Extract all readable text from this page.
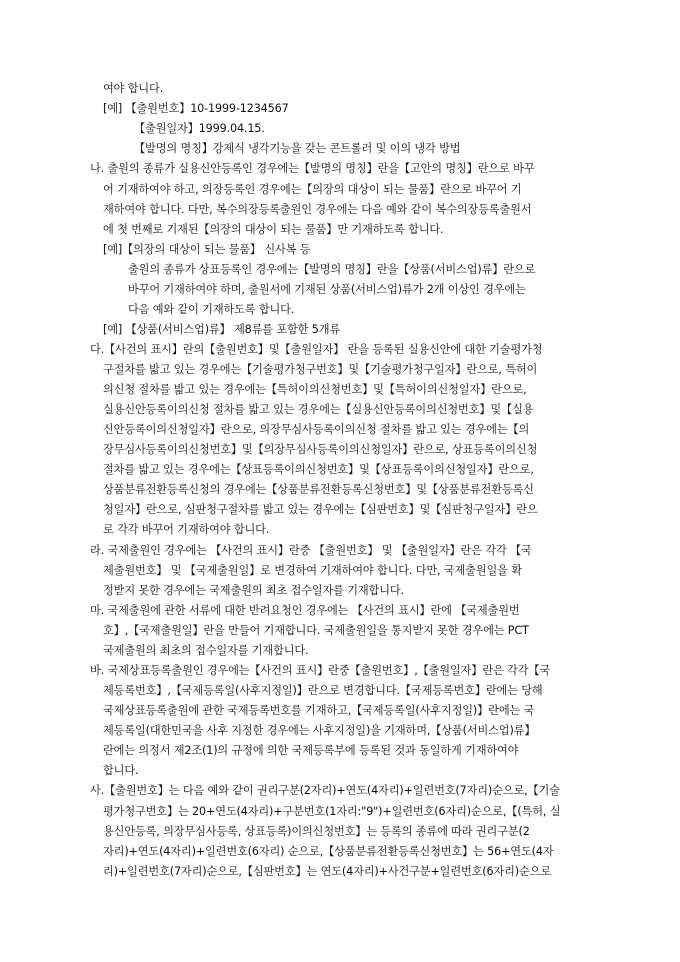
여야 합니다.
[예] 【출원번호】10-1999-1234567
【출원일자】1999.04.15.
【발명의 명칭】강제식 냉각기능을 갖는 콘트롤러 및 이의 냉각 방법
나. 출원의 종류가 실용신안등록인 경우에는【발명의 명칭】란을【고안의 명칭】란으로 바꾸
어 기재하여야 하고, 의장등록인 경우에는【의장의 대상이 되는 물품】란으로 바꾸어 기
재하여야 합니다. 다만, 복수의장등록출원인 경우에는 다음 예와 같이 복수의장등록출원서
에 첫 번째로 기재된【의장의 대상이 되는 물품】만 기재하도록 합니다.
[예]【의장의 대상이 되는 물품】 신사복 등
출원의 종류가 상표등록인 경우에는【발명의 명칭】란을【상품(서비스업)류】란으로
바꾸어 기재하여야 하며, 출원서에 기재된 상품(서비스업)류가 2개 이상인 경우에는
다음 예와 같이 기재하도록 합니다.
[예] 【상품(서비스업)류】 제8류를 포함한 5개류
다.【사건의 표시】란의【출원번호】및【출원일자】 란을 등록된 실용신안에 대한 기술평가청
구절차를 밟고 있는 경우에는【기술평가청구번호】및【기술평가청구일자】란으로, 특허이
의신청 절차를 밟고 있는 경우에는【특허이의신청번호】및【특허이의신청일자】란으로,
실용신안등록이의신청 절차를 밟고 있는 경우에는【실용신안등록이의신청번호】및【실용
신안등록이의신청일자】란으로, 의장무심사등록이의신청 절차를 밟고 있는 경우에는【의
장무심사등록이의신청번호】및【의장무심사등록이의신청일자】란으로, 상표등록이의신청
절차를 밟고 있는 경우에는【상표등록이의신청번호】및【상표등록이의신청일자】란으로,
상품분류전환등록신청의 경우에는【상품분류전환등록신청번호】및【상품분류전환등록신
청일자】란으로, 심판청구절차를 밟고 있는 경우에는【심판번호】및【심판청구일자】란으
로 각각 바꾸어 기재하여야 합니다.
라. 국제출원인 경우에는 【사건의 표시】란중 【출원번호】 및 【출원일자】란은 각각 【국
제출원번호】 및 【국제출원일】로 변경하여 기재하여야 합니다. 다만, 국제출원일을 확
정받지 못한 경우에는 국제출원의 최초 접수일자를 기재합니다.
마. 국제출원에 관한 서류에 대한 반려요청인 경우에는 【사건의 표시】란에 【국제출원번
호】,【국제출원일】란을 만들어 기재합니다. 국제출원일을 통지받지 못한 경우에는 PCT
국제출원의 최초의 접수일자를 기재합니다.
바. 국제상표등록출원인 경우에는【사건의 표시】란중【출원번호】,【출원일자】란은 각각【국
제등록번호】,【국제등록일(사후지정일)】란으로 변경합니다.【국제등록번호】란에는 당해
국제상표등록출원에 관한 국제등록번호를 기재하고,【국제등록일(사후지정일)】란에는 국
제등록일(대한민국을 사후 지정한 경우에는 사후지정일)을 기재하며,【상품(서비스업)류】
란에는 의정서 제2조(1)의 규정에 의한 국제등록부에 등록된 것과 동일하게 기재하여야
합니다.
사.【출원번호】는 다음 예와 같이 권리구분(2자리)+연도(4자리)+일련번호(7자리)순으로,【기술
평가청구번호】는 20+연도(4자리)+구분번호(1자리:"9")+일련번호(6자리)순으로,【(특허, 실
용신안등록, 의장무심사등록, 상표등록)이의신청번호】는 등록의 종류에 따라 권리구분(2
자리)+연도(4자리)+일련번호(6자리) 순으로,【상품분류전환등록신청번호】는 56+연도(4자
리)+일련번호(7자리)순으로,【심판번호】는 연도(4자리)+사건구분+일련번호(6자리)순으로
